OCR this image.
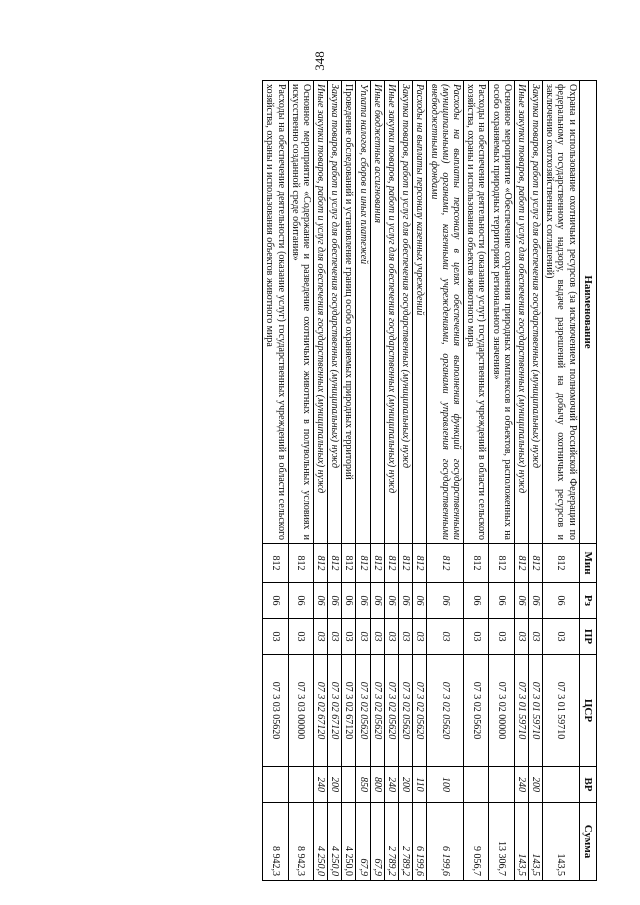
348
Наименование	Мин	Рз	ПР	ЦСР	ВР	Сумма
Охрана и использование охотничьих ресурсов (за исключением полномочий Российской Федерации по федеральному государственному надзору, выдаче разрешений на добычу охотничьих ресурсов и заключению охотхозяйственных соглашений)	812	06	03	07 3 01 59710		143,5
Закупка товаров, работ и услуг для обеспечения государственных (муниципальных) нужд	812	06	03	07 3 01 59710	200	143,5
Иные закупки товаров, работ и услуг для обеспечения государственных (муниципальных) нужд	812	06	03	07 3 01 59710	240	143,5
Основное мероприятие «Обеспечение сохранения природных комплексов и объектов, расположенных на особо охраняемых природных территориях регионального значения»	812	06	03	07 3 02 00000		13 306,7
Расходы на обеспечение деятельности (оказание услуг) государственных учреждений в области сельского хозяйства, охраны и использования объектов животного мира	812	06	03	07 3 02 05620		9 056,7
Расходы на выплаты персоналу в целях обеспечения выполнения функций государственными (муниципальными) органами, казенными учреждениями, органами управления государственными внебюджетными фондами	812	06	03	07 3 02 05620	100	6 199,6
Расходы на выплаты персоналу казенных учреждений	812	06	03	07 3 02 05620	110	6 199,6
Закупка товаров, работ и услуг для обеспечения государственных (муниципальных) нужд	812	06	03	07 3 02 05620	200	2 789,2
Иные закупки товаров, работ и услуг для обеспечения государственных (муниципальных) нужд	812	06	03	07 3 02 05620	240	2 789,2
Иные бюджетные ассигнования	812	06	03	07 3 02 05620	800	67,9
Уплата налогов, сборов и иных платежей	812	06	03	07 3 02 05620	850	67,9
Проведение обследований и установление границ особо охраняемых природных территорий	812	06	03	07 3 02 67120		4 250,0
Закупка товаров, работ и услуг для обеспечения государственных (муниципальных) нужд	812	06	03	07 3 02 67120	200	4 250,0
Иные закупки товаров, работ и услуг для обеспечения государственных (муниципальных) нужд	812	06	03	07 3 02 67120	240	4 250,0
Основное мероприятие «Содержание и разведение охотничьих животных в полувольных условиях и искусственно созданной среде обитания»	812	06	03	07 3 03 00000		8 942,3
Расходы на обеспечение деятельности (оказание услуг) государственных учреждений в области сельского хозяйства, охраны и использования объектов животного мира	812	06	03	07 3 03 05620		8 942,3
